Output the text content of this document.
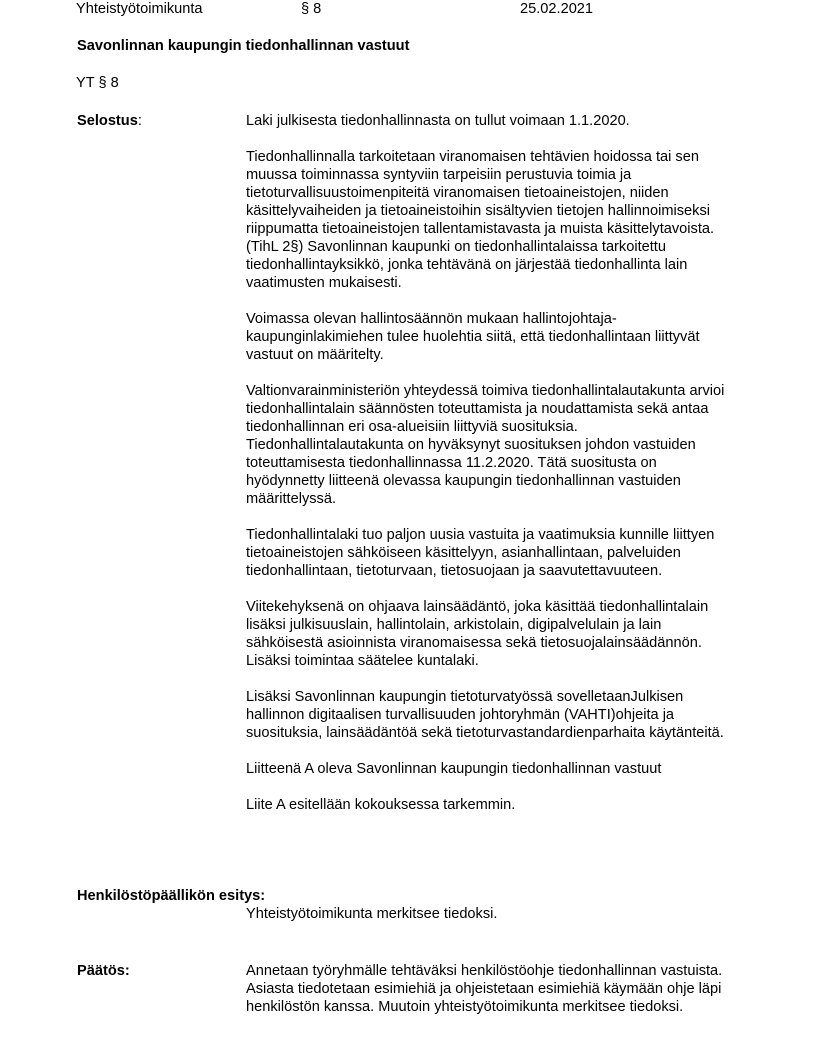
Yhteistyötoimikunta	§ 8	25.02.2021
Savonlinnan kaupungin tiedonhallinnan vastuut
YT § 8
Selostus:	Laki julkisesta tiedonhallinnasta on tullut voimaan 1.1.2020.

Tiedonhallinnalla tarkoitetaan viranomaisen tehtävien hoidossa tai sen muussa toiminnassa syntyviin tarpeisiin perustuvia toimia ja tietoturvallisuustoimenpiteitä viranomaisen tietoaineistojen, niiden käsittelyvaiheiden ja tietoaineistoihin sisältyvien tietojen hallinnoimiseksi riippumatta tietoaineistojen tallentamistavasta ja muista käsittelytavoista. (TihL 2§) Savonlinnan kaupunki on tiedonhallintalaissa tarkoitettu tiedonhallintayksikkö, jonka tehtävänä on järjestää tiedonhallinta lain vaatimusten mukaisesti.

Voimassa olevan hallintosäännön mukaan hallintojohtaja-kaupunginlakimiehen tulee huolehtia siitä, että tiedonhallintaan liittyvät vastuut on määritelty.

Valtionvarainministeriön yhteydessä toimiva tiedonhallintalautakunta arvioi tiedonhallintalain säännösten toteuttamista ja noudattamista sekä antaa tiedonhallinnan eri osa-alueisiin liittyviä suosituksia. Tiedonhallintalautakunta on hyväksynyt suosituksen johdon vastuiden toteuttamisesta tiedonhallinnassa 11.2.2020. Tätä suositusta on hyödynnetty liitteenä olevassa kaupungin tiedonhallinnan vastuiden määrittelyssä.

Tiedonhallintalaki tuo paljon uusia vastuita ja vaatimuksia kunnille liittyen tietoaineistojen sähköiseen käsittelyyn, asianhallintaan, palveluiden tiedonhallintaan, tietoturvaan, tietosuojaan ja saavutettavuuteen.

Viitekehyksenä on ohjaava lainsäädäntö, joka käsittää tiedonhallintalain lisäksi julkisuuslain, hallintolain, arkistolain, digipalvelulain ja lain sähköisestä asioinnista viranomaisessa sekä tietosuojalainsäädännön. Lisäksi toimintaa säätelee kuntalaki.

Lisäksi Savonlinnan kaupungin tietoturvatyössä sovelletaanJulkisen hallinnon digitaalisen turvallisuuden johtoryhmän (VAHTI)ohjeita ja suosituksia, lainsäädäntöä sekä tietoturvastandardienparhaita käytänteitä.

Liitteenä A oleva Savonlinnan kaupungin tiedonhallinnan vastuut

Liite A esitellään kokouksessa tarkemmin.

Henkilöstöpäällikön esitys:
Yhteistyötoimikunta merkitsee tiedoksi.
Päätös:	Annetaan työryhmälle tehtäväksi henkilöstöohje tiedonhallinnan vastuista. Asiasta tiedotetaan esimiehiä ja ohjeistetaan esimiehiä käymään ohje läpi henkilöstön kanssa. Muutoin yhteistyötoimikunta merkitsee tiedoksi.
